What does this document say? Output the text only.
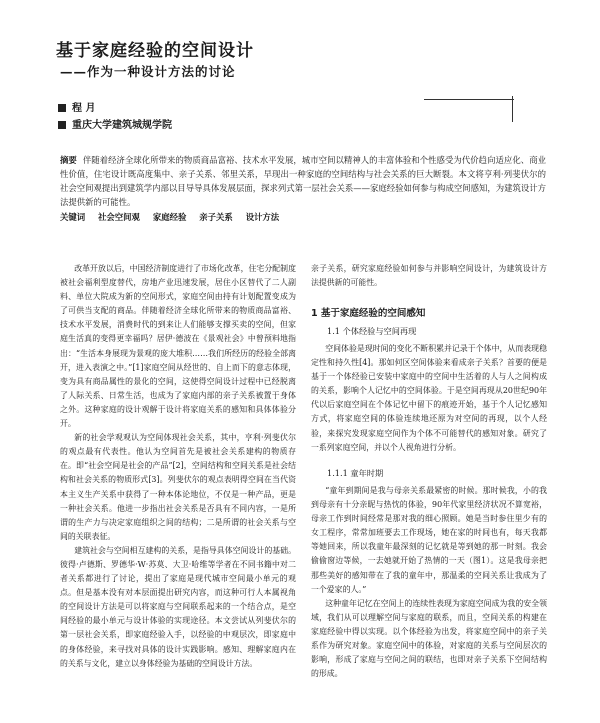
基于家庭经验的空间设计
——作为一种设计方法的讨论
程 月
重庆大学建筑城规学院
摘要 伴随着经济全球化所带来的物质商品富裕、技术水平发展，城市空间以精神人的丰富体验和个性感受为代价趋向适应化、商业性价值，住宅设计既高度集中、亲子关系、邻里关系，早现出一种家庭的空间结构与社会关系的巨大断裂。本文将亨利·列斐伏尔的社会空间观提出到建筑学内部以目导导具体发展层面，探求列式第一层社会关系——家庭经验如何参与构成空间感知，为建筑设计方法提供新的可能性。
关键词 社会空间观 家庭经验 亲子关系 设计方法

改革开放以后，中国经济制度进行了市场化改革，住宅分配制度被社会福利型度替代，房地产业迅速发展，居住小区替代了二人副料、单位大院成为新的空间形式，家庭空间由持有计划配置变成为了可供当支配的商品。伴随着经济全球化所带来的物质商品富裕、技术水平发展，消费时代的到来让人们能够支撑买卖的空间，但家庭生活真的变得更幸福吗？居伊·德波在《景观社会》中曾预料地指出：“生活本身展现为景观的庞大堆积……我们所经历的经验全部离开，进入表演之中。”[1]家庭空间从经世的、自上而下的意志体现，变为具有商品属性的景化的空间，这使得空间设计过程中已经脱离了人际关系、日常生活，也成为了家庭内部的亲子关系被置于身体之外。这种家庭的设计观解于设计将家庭关系的感知和具体体验分开。

新的社会学观观认为空间体现社会关系，其中，亨利·列斐伏尔的观点最有代表性。他认为空间首先是被社会关系建构的物质存在。即“社会空间是社会的产品”[2]，空间结构和空间关系是社会结构和社会关系的物质形式[3]。列斐伏尔的观点表明得空间在当代资本主义生产关系中获得了一种本体论地位，不仅是一种产品，更是一种社会关系。他进一步指出社会关系是否具有不同内容，一是所谓的生产力与决定家庭组织之间的结构；二是所谓的社会关系与空间的关联表征。

建筑社会与空间相互建构的关系，是指导具体空间设计的基础。彼得·卢德斯、罗德华·W·苏莫、大卫·哈维等学者在不同书籍中对二者关系都进行了讨论，提出了家庭是现代城市空间最小单元的观点。但是基本没有对本层面提出研究内容，而这种可行人本属视角的空间设计方法是可以将家庭与空间联系起来的一个结合点，是空间经验的最小单元与设计体验的实现途径。本文尝试从列斐伏尔的第一层社会关系，即家庭经验入手，以经验的中观层次，即家庭中的身体经验，来寻找对具体的设计实践影响。感知、理解家庭内在的关系与文化，建立以身体经验为基础的空间设计方法。

亲子关系，研究家庭经验如何参与并影响空间设计，为建筑设计方法提供新的可能性。

1 基于家庭经验的空间感知
1.1 个体经验与空间再现

空间体验是现时间的变化不断积累并记录于个体中，从而表现稳定性和持久性[4]。那如何区空间体验来看成亲子关系？首要的便是基于一个体经验已安装中家庭中的空间中生活着的人与人之间构成的关系，影响个人记忆中的空间体验。于是空间再现从20世纪90年代以后家庭空间在个体记忆中留下的痕迹开始，基于个人记忆感知方式，将家庭空间的体验连续地还原为对空间的再现，以个人经验，来探究发现家庭空间作为个体不可能替代的感知对象。研究了一系列家庭空间，并以个人视角进行分析。

1.1.1 童年时期

“童年到期间是我与母亲关系最紧密的时候。那时候我，小的我到母亲有十分亲昵与热忱的体验，90年代家里经济状况不算宽裕，母亲工作到时间经常是那对我的细心照顾。她是当时参住里少有的女工程序，常常加班要去工作现场，她在家的时间也有，每天我都等她回来，所以我童年最深刻的记忆就是等到她的那一时刻。我会偷偷窗边等候，一去她就开始了热情的一天（图1）。这是我母亲把那些美好的感知带在了我的童年中，那温柔的空间关系让我成为了一个爱家的人。”

这种童年记忆在空间上的连续性表现为家庭空间成为我的安全领域，我们从可以理解空间与家庭的联系，而且，空间关系的构建在家庭经验中得以实现。以个体经验为出发，将家庭空间中的亲子关系作为研究对象。家庭空间中的体验，对家庭的关系与空间层次的影响，形成了家庭与空间之间的联结，也即对亲子关系下空间结构的形成。
